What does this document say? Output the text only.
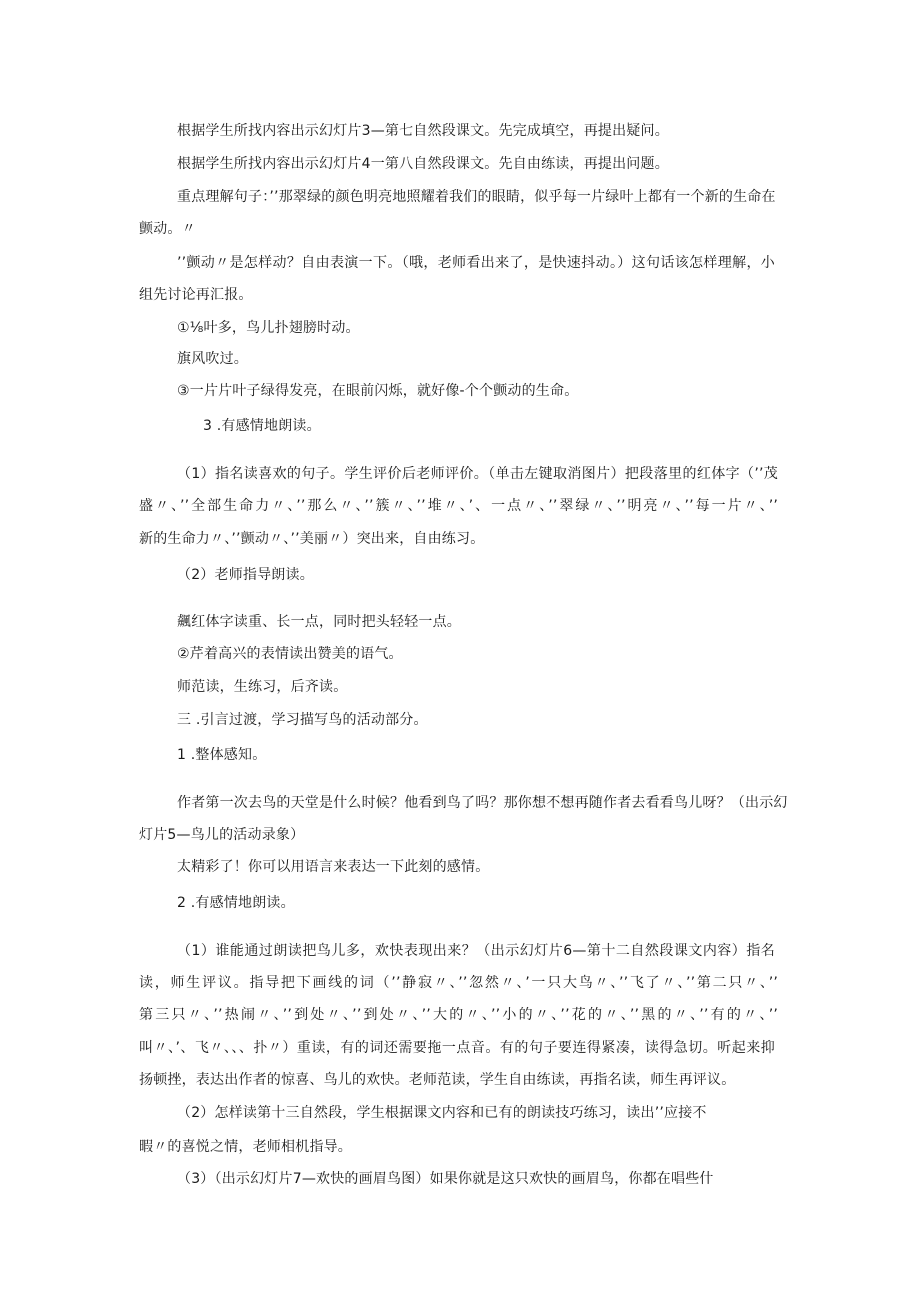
根据学生所找内容出示幻灯片3—第七自然段课文。先完成填空，再提出疑问。
根据学生所找内容出示幻灯片4一第八自然段课文。先自由练读，再提出问题。
重点理解句子：’’那翠绿的颜色明亮地照耀着我们的眼睛，似乎每一片绿叶上都有一个新的生命在
颤动。〃
’’颤动〃是怎样动？自由表演一下。（哦，老师看出来了，是快速抖动。）这句话该怎样理解，小
组先讨论再汇报。
①⅛叶多，鸟儿扑翅膀时动。
旗风吹过。
③一片片叶子绿得发亮，在眼前闪烁，就好像-个个颤动的生命。
3 .有感情地朗读。
（1）指名读喜欢的句子。学生评价后老师评价。（单击左键取消图片）把段落里的红体字（’’茂
盛〃、’’全部生命力〃、’’那么〃、’’簇〃、’’堆〃、’、一点〃、’’翠绿〃、’’明亮〃、’’每一片〃、’’
新的生命力〃、’’颤动〃、’’美丽〃）突出来，自由练习。
（2）老师指导朗读。
飆红体字读重、长一点，同时把头轻轻一点。
②芹着高兴的表情读出赞美的语气。
师范读，生练习，后齐读。
三 .引言过渡，学习描写鸟的活动部分。
1 .整体感知。
作者第一次去鸟的天堂是什么时候？他看到鸟了吗？那你想不想再随作者去看看鸟儿呀？（出示幻
灯片5—鸟儿的活动录象）
太精彩了！你可以用语言来表达一下此刻的感情。
2 .有感情地朗读。
（1）谁能通过朗读把鸟儿多，欢快表现出来？（出示幻灯片6—第十二自然段课文内容）指名
读，师生评议。指导把下画线的词（’’静寂〃、’’忽然〃、’一只大鸟〃、’’飞了〃、’’第二只〃、’’
第三只〃、’’热闹〃、’’到处〃、’’到处〃、’’大的〃、’’小的〃、’’花的〃、’’黑的〃、’’有的〃、’’
叫〃、’、飞〃、、、扑〃）重读，有的词还需要拖一点音。有的句子要连得紧凑，读得急切。听起来抑
扬顿挫，表达出作者的惊喜、鸟儿的欢快。老师范读，学生自由练读，再指名读，师生再评议。
（2）怎样读第十三自然段，学生根据课文内容和已有的朗读技巧练习，读出’’应接不
暇〃的喜悦之情，老师相机指导。
（3）（出示幻灯片7—欢快的画眉鸟图）如果你就是这只欢快的画眉鸟，你都在唱些什
